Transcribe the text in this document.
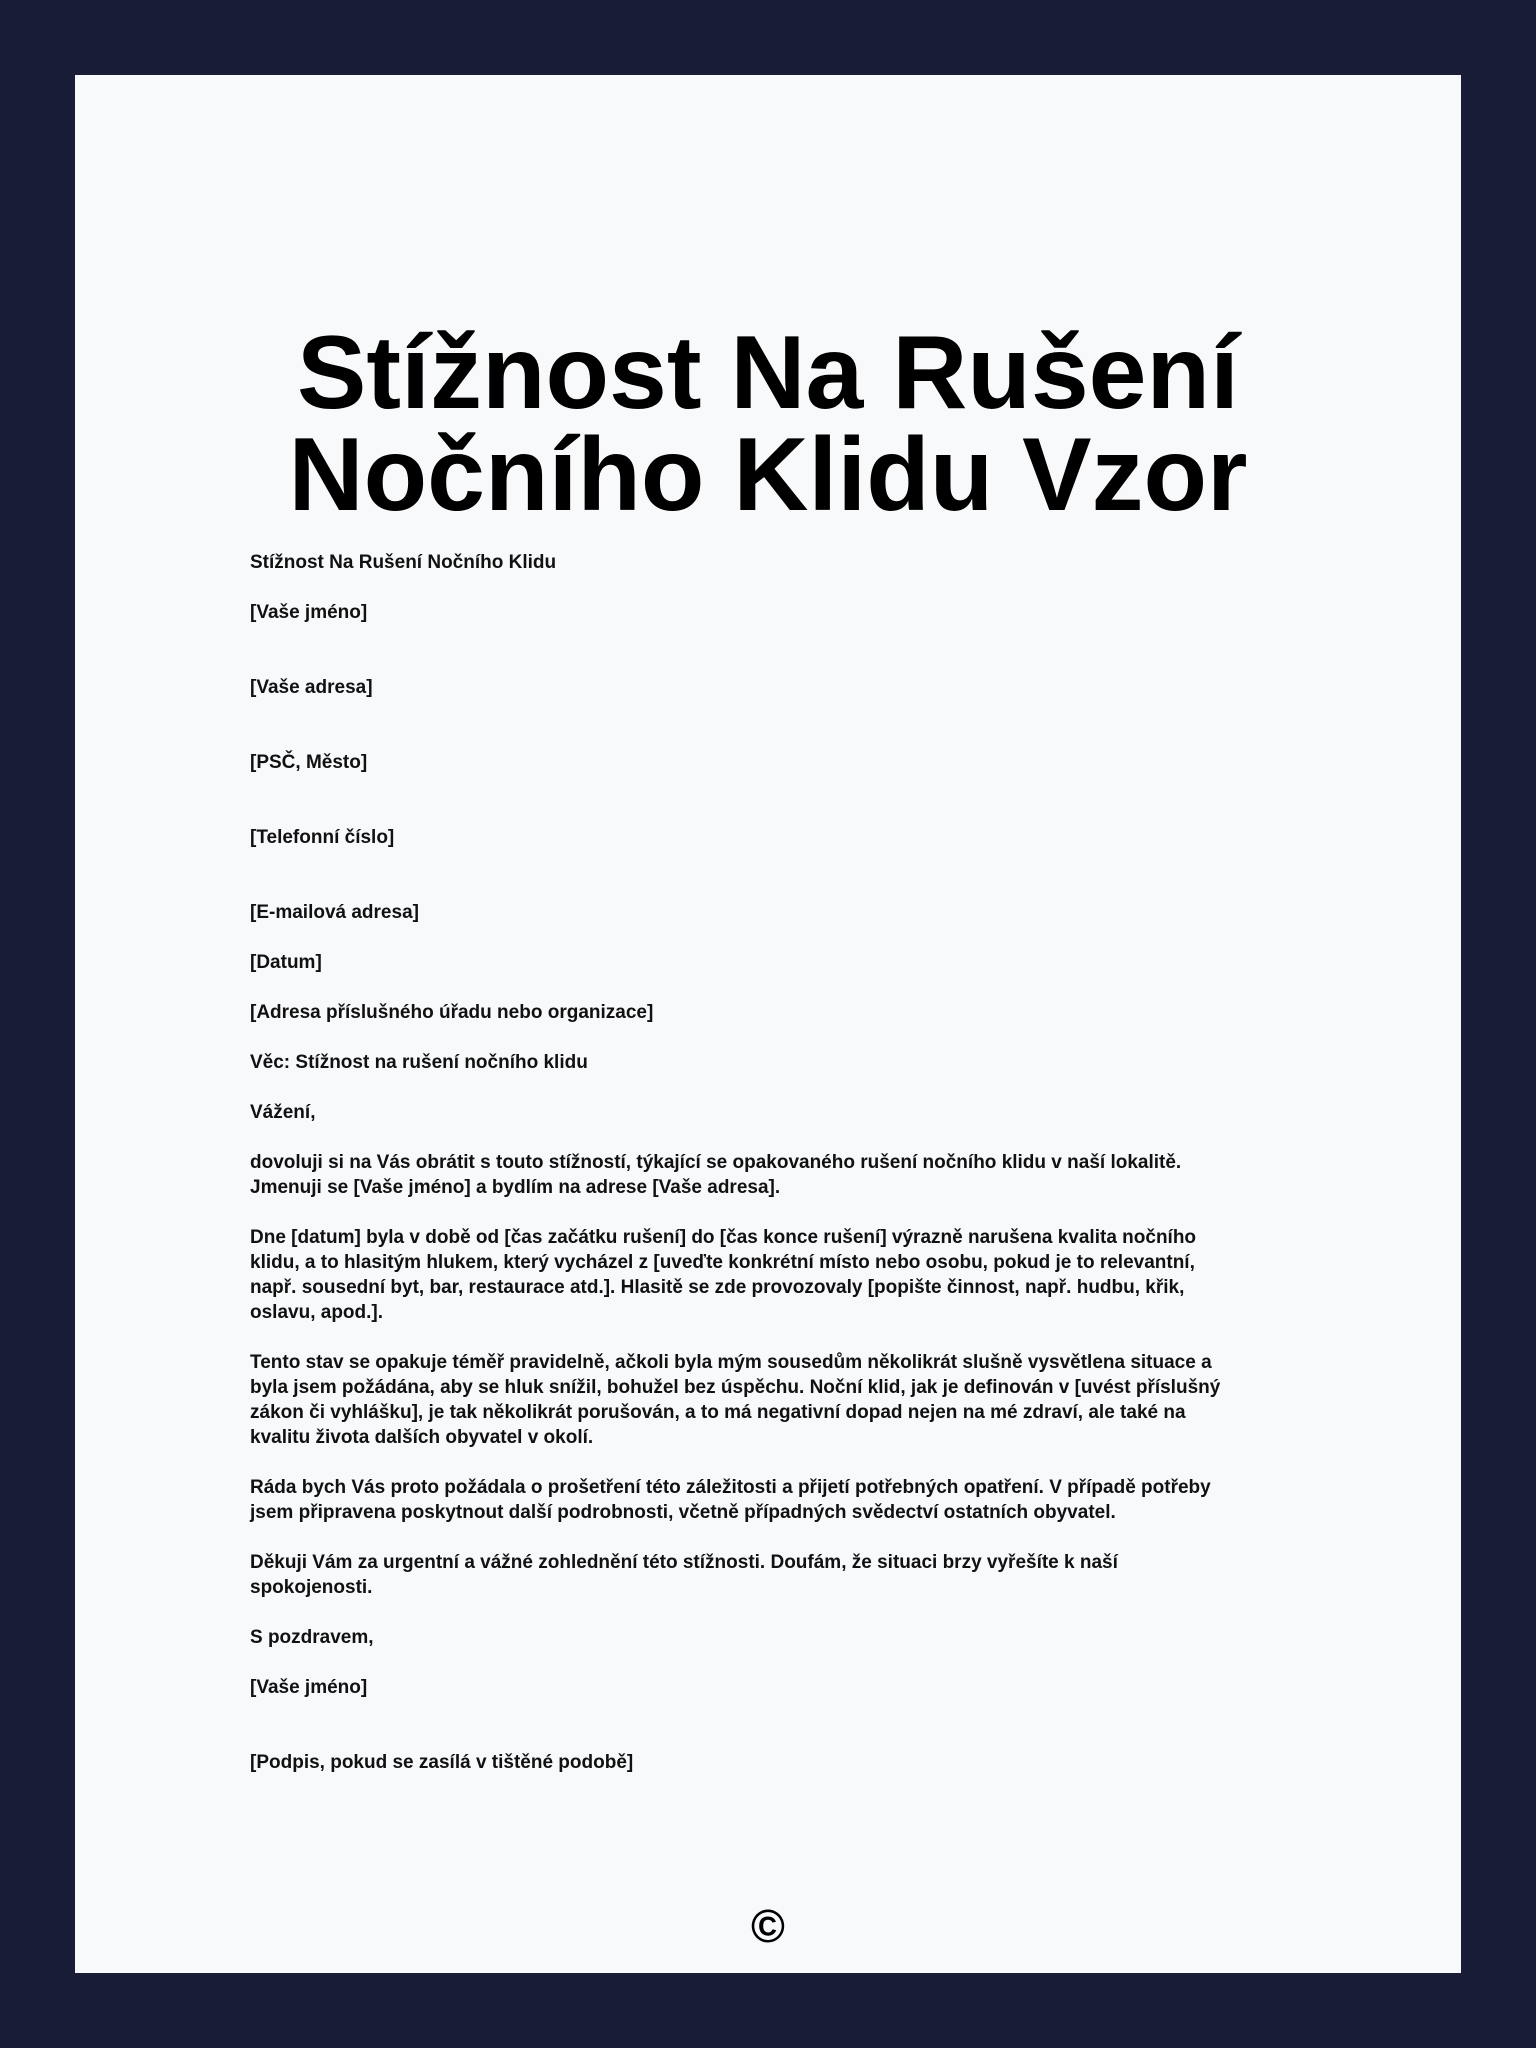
Stížnost Na Rušení Nočního Klidu Vzor

Stížnost Na Rušení Nočního Klidu

[Vaše jméno]

[Vaše adresa]

[PSČ, Město]

[Telefonní číslo]

[E-mailová adresa]

[Datum]

[Adresa příslušného úřadu nebo organizace]

Věc: Stížnost na rušení nočního klidu

Vážení,

dovoluji si na Vás obrátit s touto stížností, týkající se opakovaného rušení nočního klidu v naší lokalitě.
Jmenuji se [Vaše jméno] a bydlím na adrese [Vaše adresa].

Dne [datum] byla v době od [čas začátku rušení] do [čas konce rušení] výrazně narušena kvalita nočního
klidu, a to hlasitým hlukem, který vycházel z [uveďte konkrétní místo nebo osobu, pokud je to relevantní,
např. sousední byt, bar, restaurace atd.]. Hlasitě se zde provozovaly [popište činnost, např. hudbu, křik,
oslavu, apod.].

Tento stav se opakuje téměř pravidelně, ačkoli byla mým sousedům několikrát slušně vysvětlena situace a
byla jsem požádána, aby se hluk snížil, bohužel bez úspěchu. Noční klid, jak je definován v [uvést příslušný
zákon či vyhlášku], je tak několikrát porušován, a to má negativní dopad nejen na mé zdraví, ale také na
kvalitu života dalších obyvatel v okolí.

Ráda bych Vás proto požádala o prošetření této záležitosti a přijetí potřebných opatření. V případě potřeby
jsem připravena poskytnout další podrobnosti, včetně případných svědectví ostatních obyvatel.

Děkuji Vám za urgentní a vážné zohlednění této stížnosti. Doufám, že situaci brzy vyřešíte k naší
spokojenosti.

S pozdravem,

[Vaše jméno]

[Podpis, pokud se zasílá v tištěné podobě]

©
